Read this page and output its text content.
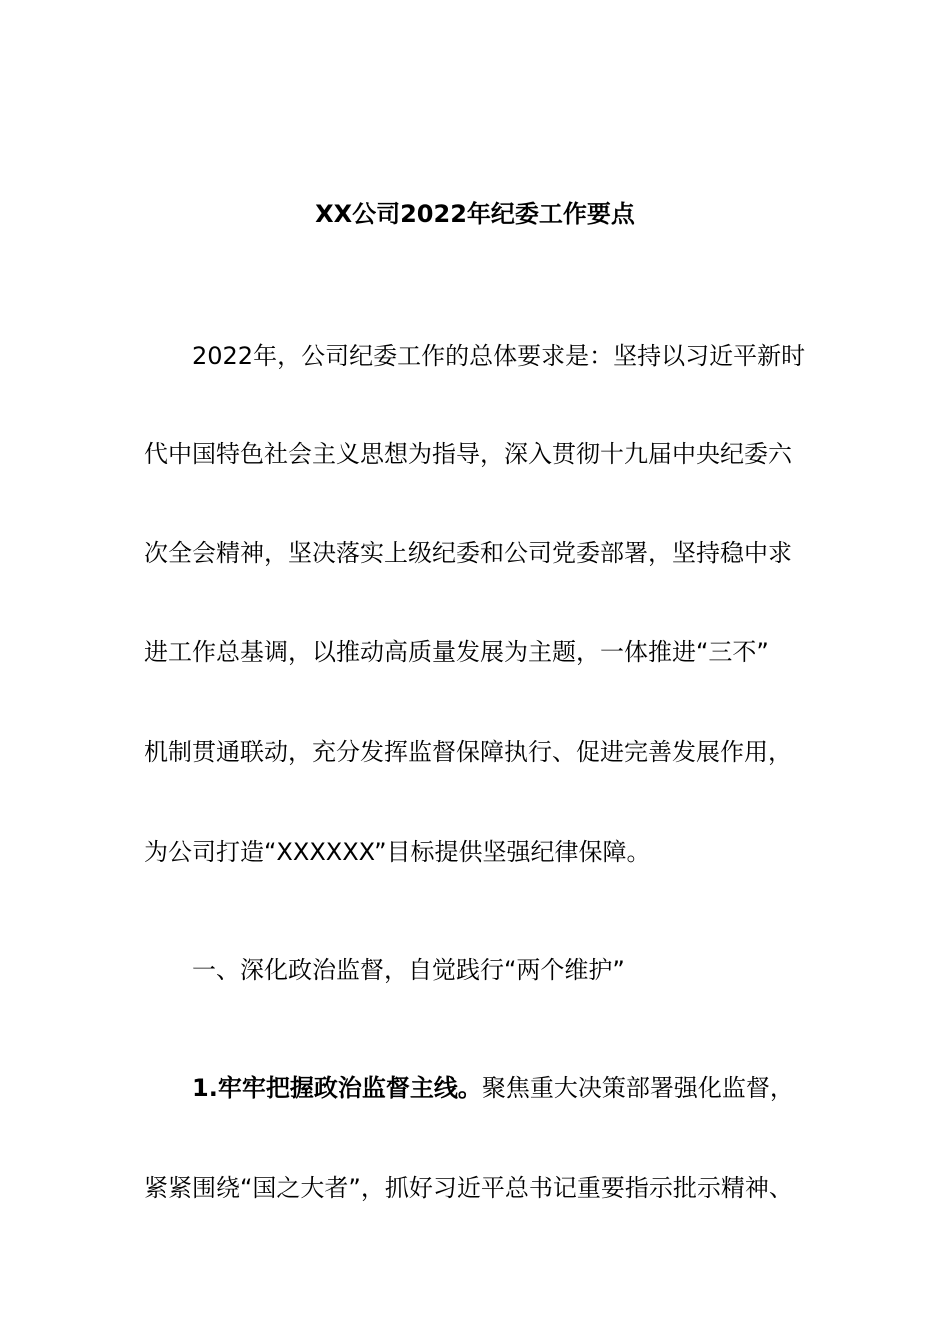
XX公司2022年纪委工作要点
2022年，公司纪委工作的总体要求是：坚持以习近平新时
代中国特色社会主义思想为指导，深入贯彻十九届中央纪委六
次全会精神，坚决落实上级纪委和公司党委部署，坚持稳中求
进工作总基调，以推动高质量发展为主题，一体推进“三不”
机制贯通联动，充分发挥监督保障执行、促进完善发展作用，
为公司打造“XXXXXX”目标提供坚强纪律保障。
一、深化政治监督，自觉践行“两个维护”
1.牢牢把握政治监督主线。聚焦重大决策部署强化监督，
紧紧围绕“国之大者”，抓好习近平总书记重要指示批示精神、
